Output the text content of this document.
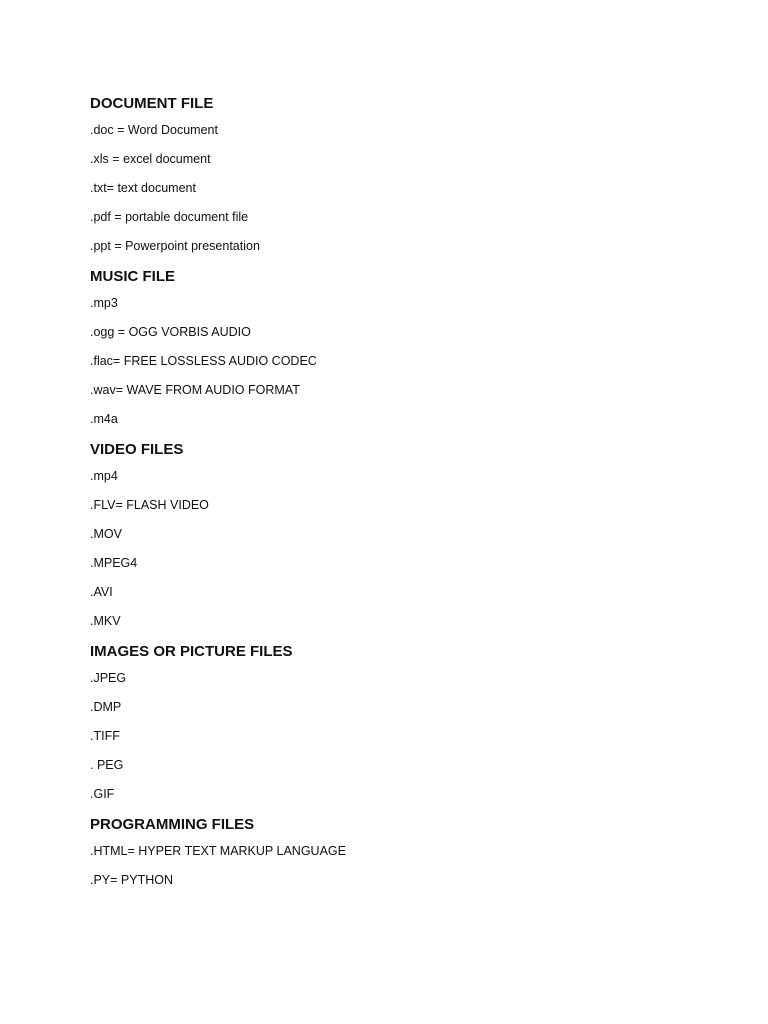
DOCUMENT FILE
.doc = Word Document
.xls = excel document
.txt= text document
.pdf = portable document file
.ppt = Powerpoint presentation
MUSIC FILE
.mp3
.ogg = OGG VORBIS AUDIO
.flac= FREE LOSSLESS AUDIO CODEC
.wav= WAVE FROM AUDIO FORMAT
.m4a
VIDEO FILES
.mp4
.FLV= FLASH VIDEO
.MOV
.MPEG4
.AVI
.MKV
IMAGES OR PICTURE FILES
.JPEG
.DMP
.TIFF
. PEG
.GIF
PROGRAMMING FILES
.HTML= HYPER TEXT MARKUP LANGUAGE
.PY= PYTHON
